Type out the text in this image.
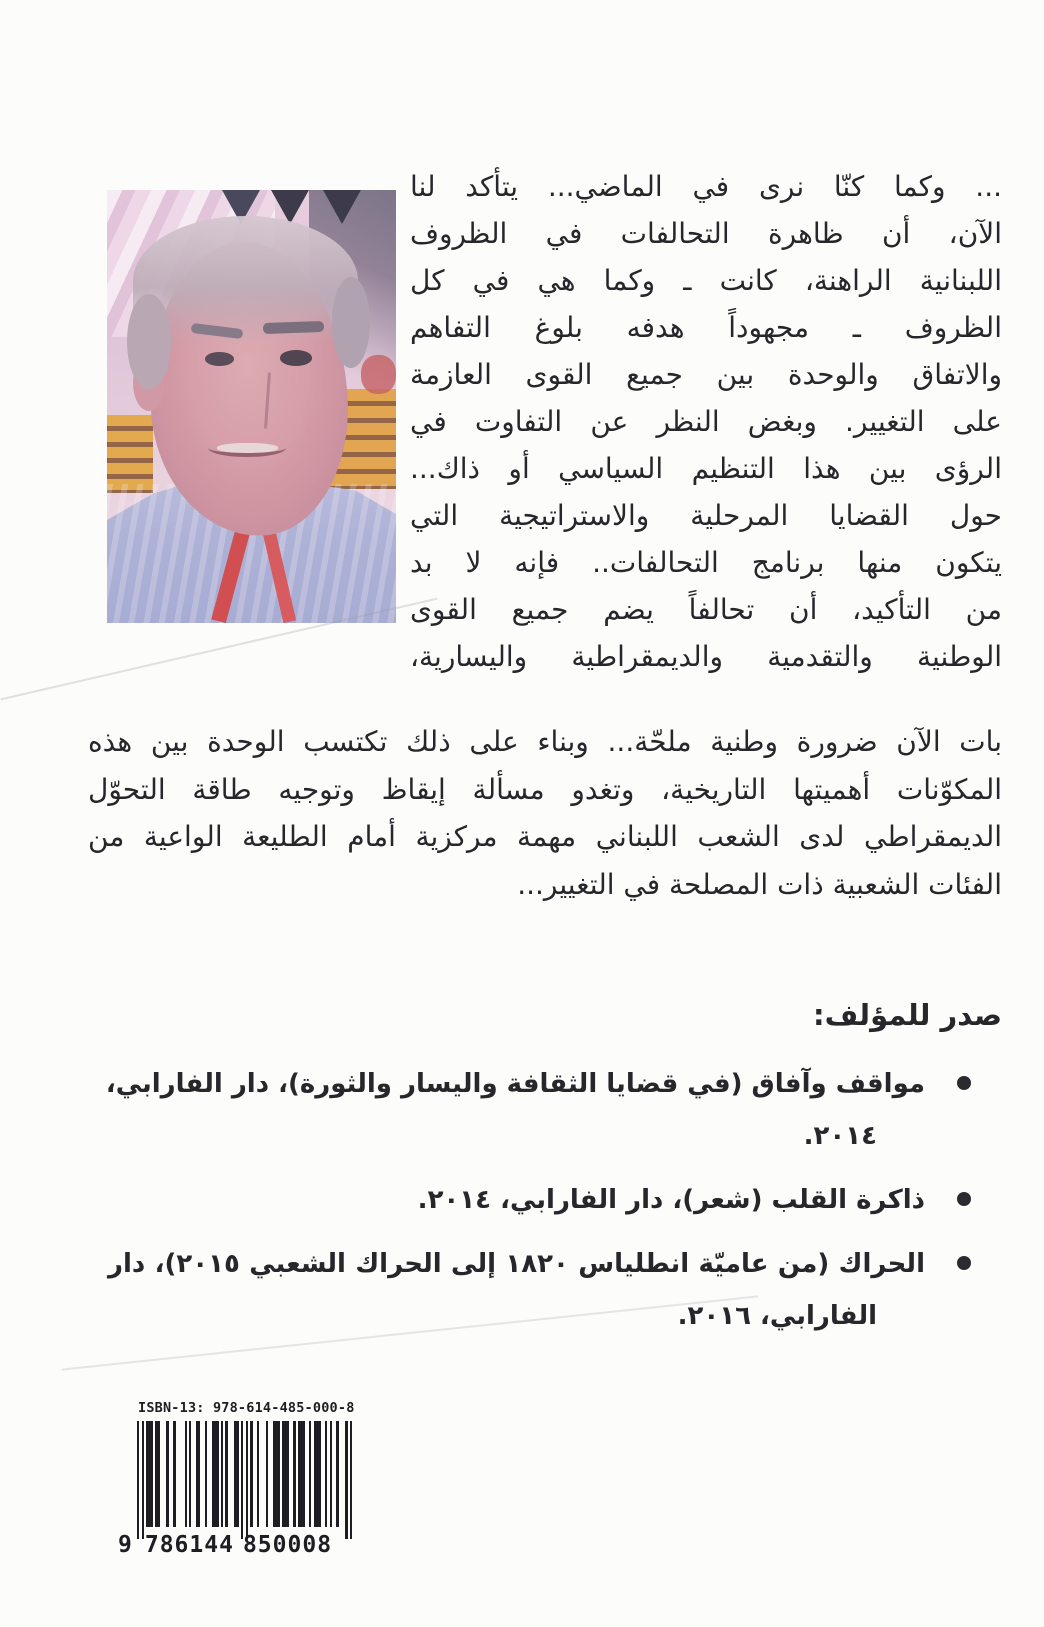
... وكما كنّا نرى في الماضي... يتأكد لنا
الآن، أن ظاهرة التحالفات في الظروف
اللبنانية الراهنة، كانت ـ وكما هي في كل
الظروف ـ مجهوداً هدفه بلوغ التفاهم
والاتفاق والوحدة بين جميع القوى العازمة
على التغيير. وبغض النظر عن التفاوت في
الرؤى بين هذا التنظيم السياسي أو ذاك...
حول القضايا المرحلية والاستراتيجية التي
يتكون منها برنامج التحالفات.. فإنه لا بد
من التأكيد، أن تحالفاً يضم جميع القوى
الوطنية والتقدمية والديمقراطية واليسارية،
بات الآن ضرورة وطنية ملحّة... وبناء على ذلك تكتسب الوحدة بين هذه
المكوّنات أهميتها التاريخية، وتغدو مسألة إيقاظ وتوجيه طاقة التحوّل
الديمقراطي لدى الشعب اللبناني مهمة مركزية أمام الطليعة الواعية من
الفئات الشعبية ذات المصلحة في التغيير...
صدر للمؤلف:
مواقف وآفاق (في قضايا الثقافة واليسار والثورة)، دار الفارابي،
٢٠١٤.
ذاكرة القلب (شعر)، دار الفارابي، ٢٠١٤.
الحراك (من عاميّة انطلياس ١٨٢٠ إلى الحراك الشعبي ٢٠١٥)، دار
الفارابي، ٢٠١٦.
ISBN-13: 978-614-485-000-8
9 786144 850008
